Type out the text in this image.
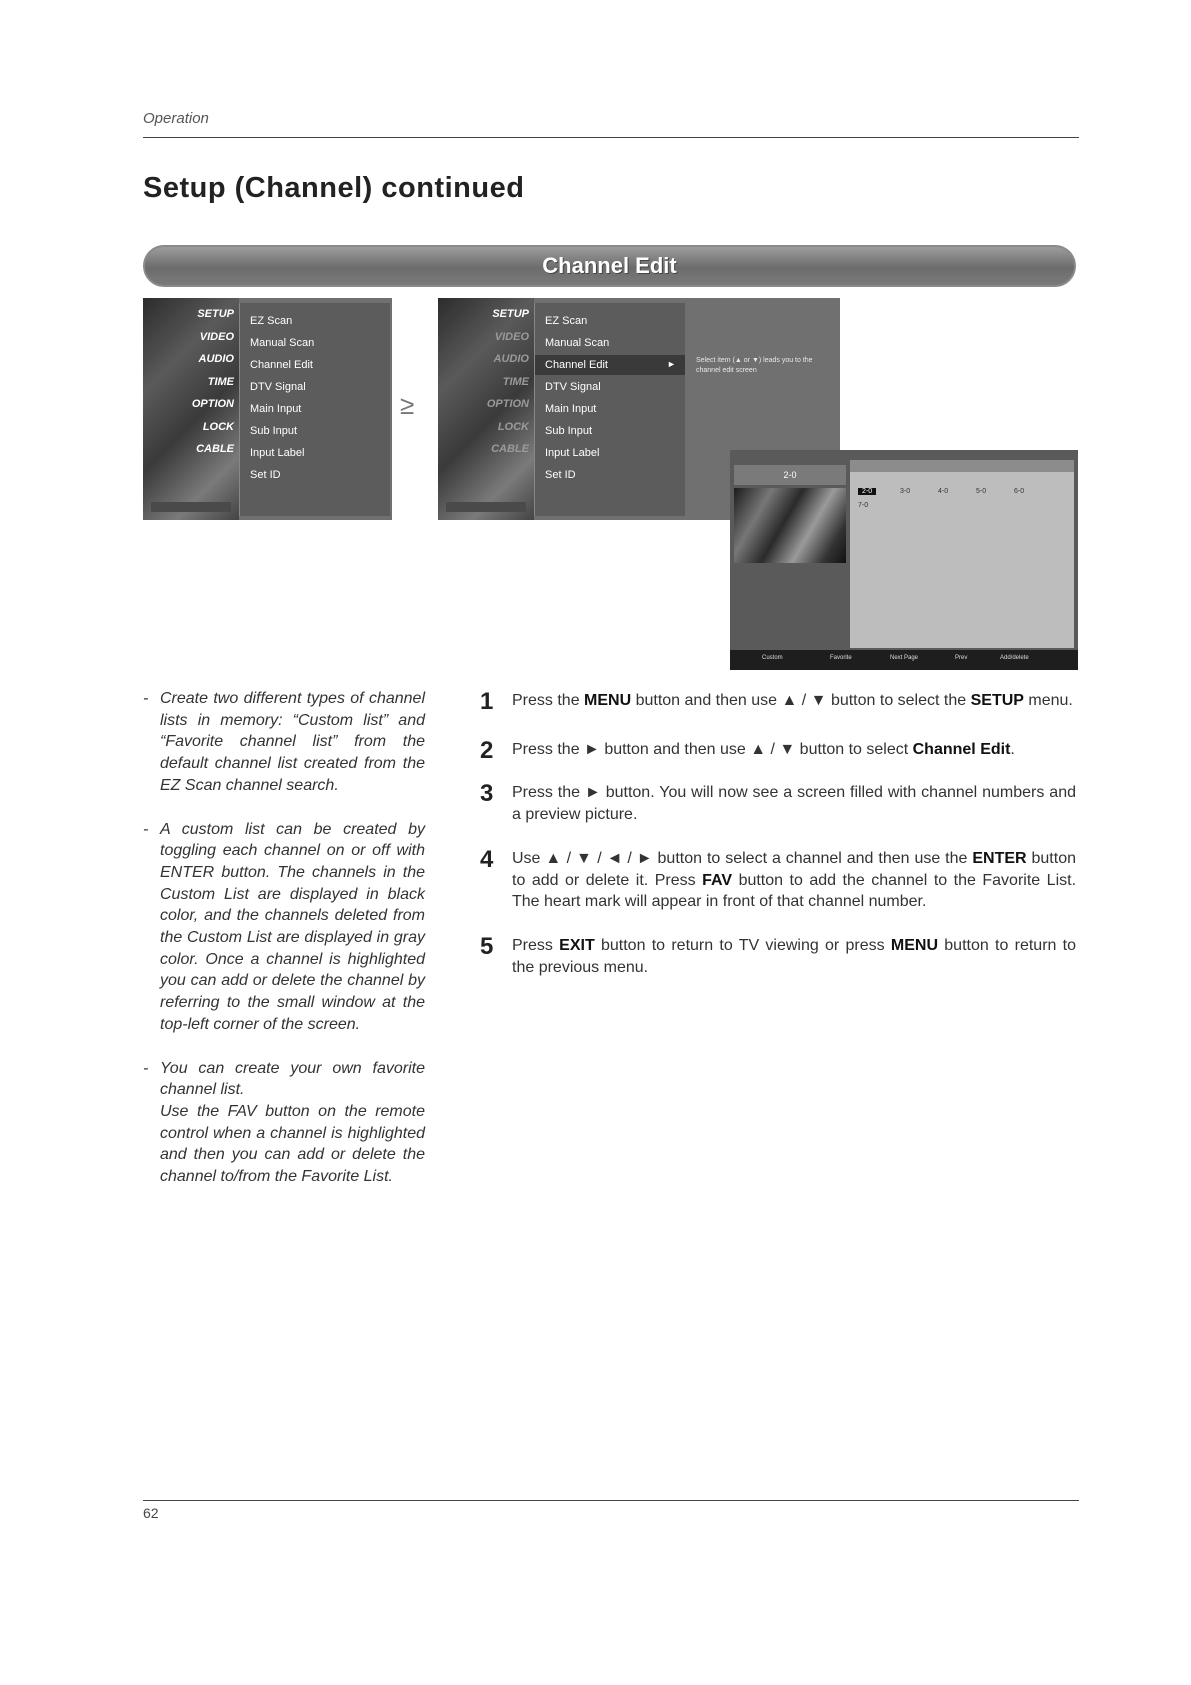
Operation
Setup (Channel) continued
Channel Edit
SETUP
VIDEO
AUDIO
TIME
OPTION
LOCK
CABLE
EZ Scan
Manual Scan
Channel Edit
DTV Signal
Main Input
Sub Input
Input Label
Set ID
≥
SETUP
VIDEO
AUDIO
TIME
OPTION
LOCK
CABLE
EZ Scan
Manual Scan
Channel Edit	►
DTV Signal
Main Input
Sub Input
Input Label
Set ID
Select item (▲ or ▼) leads you to the channel edit screen
2-0
2-0	3-0	4-0	5-0	6-0
7-0
Custom	Favorite	Next Page	Prev	Add/delete
- Create two different types of channel lists in memory: “Custom list” and “Favorite channel list” from the default channel list created from the EZ Scan channel search.

- A custom list can be created by toggling each channel on or off with ENTER button. The channels in the Custom List are displayed in black color, and the channels deleted from the Custom List are displayed in gray color. Once a channel is highlighted you can add or delete the channel by referring to the small window at the top-left corner of the screen.

- You can create your own favorite channel list.

Use the FAV button on the remote control when a channel is highlighted and then you can add or delete the channel to/from the Favorite List.

1 Press the MENU button and then use ▲ / ▼ button to select the SETUP menu.
2 Press the ► button and then use ▲ / ▼ button to select Channel Edit.
3 Press the ► button. You will now see a screen filled with channel numbers and a preview picture.
4 Use ▲ / ▼ / ◄ / ► button to select a channel and then use the ENTER button to add or delete it. Press FAV button to add the channel to the Favorite List. The heart mark will appear in front of that channel number.
5 Press EXIT button to return to TV viewing or press MENU button to return to the previous menu.
62
